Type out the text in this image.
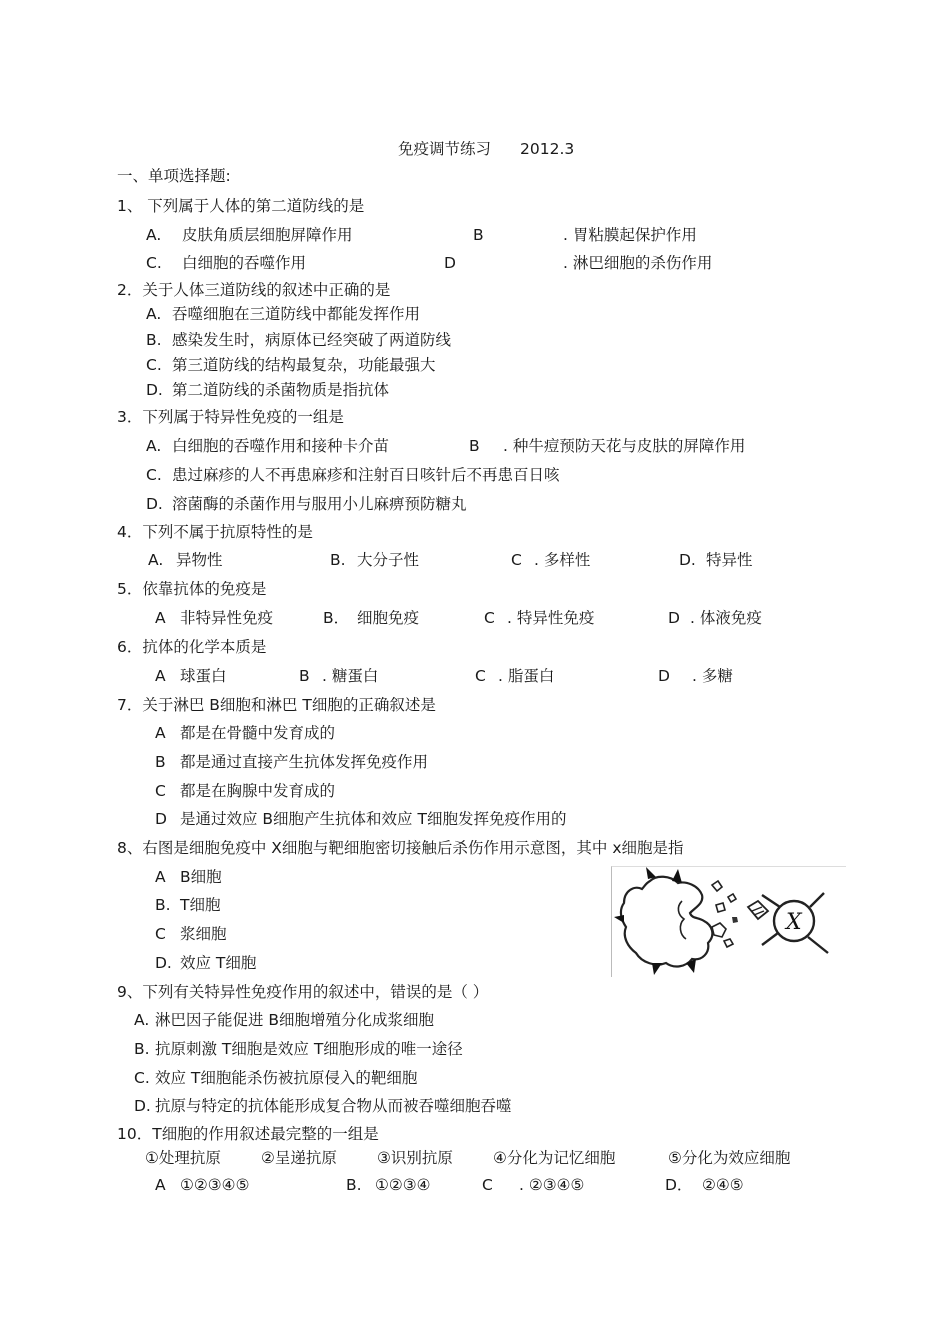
免疫调节练习 2012.3
一、单项选择题:
1、 下列属于人体的第二道防线的是
A. 皮肤角质层细胞屏障作用	B	. 胃粘膜起保护作用
C. 白细胞的吞噬作用	D	. 淋巴细胞的杀伤作用
2．关于人体三道防线的叙述中正确的是
A. 吞噬细胞在三道防线中都能发挥作用
B. 感染发生时，病原体已经突破了两道防线
C. 第三道防线的结构最复杂，功能最强大
D. 第二道防线的杀菌物质是指抗体
3．下列属于特异性免疫的一组是
A. 白细胞的吞噬作用和接种卡介苗	B . 种牛痘预防天花与皮肤的屏障作用
C. 患过麻疹的人不再患麻疹和注射百日咳针后不再患百日咳
D. 溶菌酶的杀菌作用与服用小儿麻痹预防糖丸
4．下列不属于抗原特性的是
A. 异物性	B. 大分子性	C . 多样性	D. 特异性
5．依靠抗体的免疫是
A 非特异性免疫	B． 细胞免疫	C . 特异性免疫	D . 体液免疫
6．抗体的化学本质是
A 球蛋白	B . 糖蛋白	C . 脂蛋白	D . 多糖
7．关于淋巴 B细胞和淋巴 T细胞的正确叙述是
A 都是在骨髓中发育成的
B 都是通过直接产生抗体发挥免疫作用
C 都是在胸腺中发育成的
D 是通过效应 B细胞产生抗体和效应 T细胞发挥免疫作用的
8、右图是细胞免疫中 X细胞与靶细胞密切接触后杀伤作用示意图，其中 x细胞是指
A B细胞
B. T细胞
C 浆细胞
D. 效应 T细胞
X
9、下列有关特异性免疫作用的叙述中，错误的是（ ）
A. 淋巴因子能促进 B细胞增殖分化成浆细胞
B. 抗原刺激 T细胞是效应 T细胞形成的唯一途径
C. 效应 T细胞能杀伤被抗原侵入的靶细胞
D. 抗原与特定的抗体能形成复合物从而被吞噬细胞吞噬
10．T细胞的作用叙述最完整的一组是
①处理抗原	②呈递抗原	③识别抗原	④分化为记忆细胞	⑤分化为效应细胞
A ①②③④⑤	B. ①②③④	C . ②③④⑤	D． ②④⑤
